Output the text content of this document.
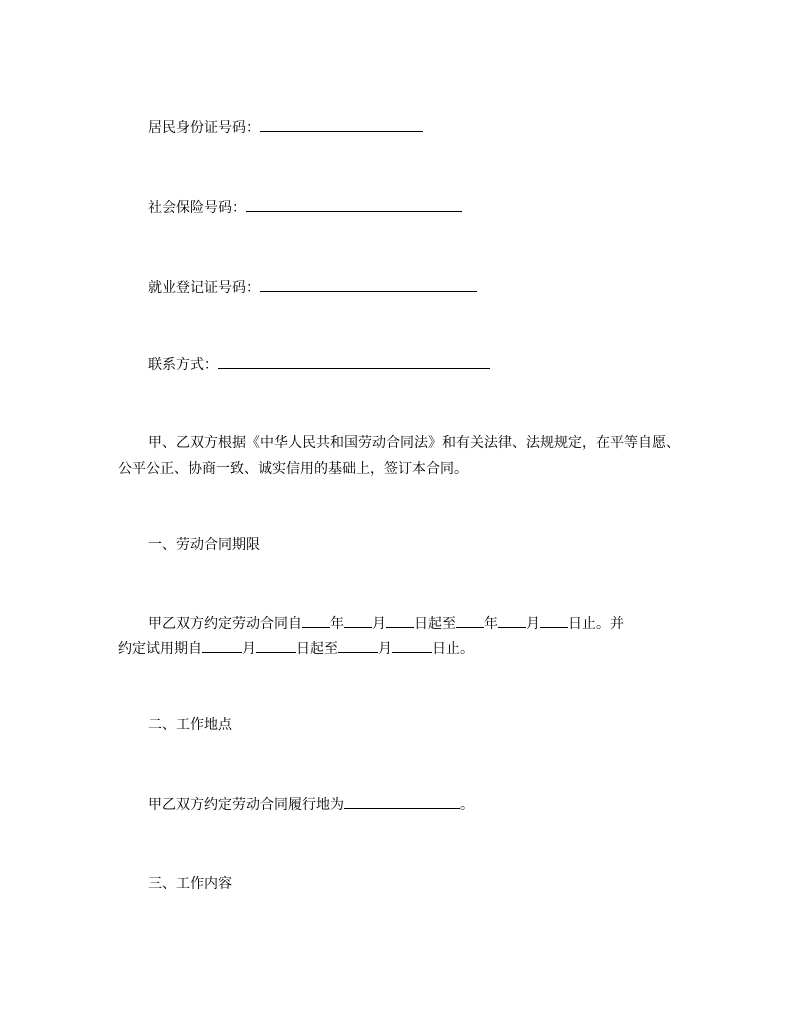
居民身份证号码：
社会保险号码：
就业登记证号码：
联系方式：
甲、乙双方根据《中华人民共和国劳动合同法》和有关法律、法规规定，在平等自愿、公平公正、协商一致、诚实信用的基础上，签订本合同。
一、劳动合同期限
甲乙双方约定劳动合同自 年 月 日起至 年 月 日止。并
约定试用期自	月	日起至	月	日止。
二、工作地点
甲乙双方约定劳动合同履行地为	。
三、工作内容
